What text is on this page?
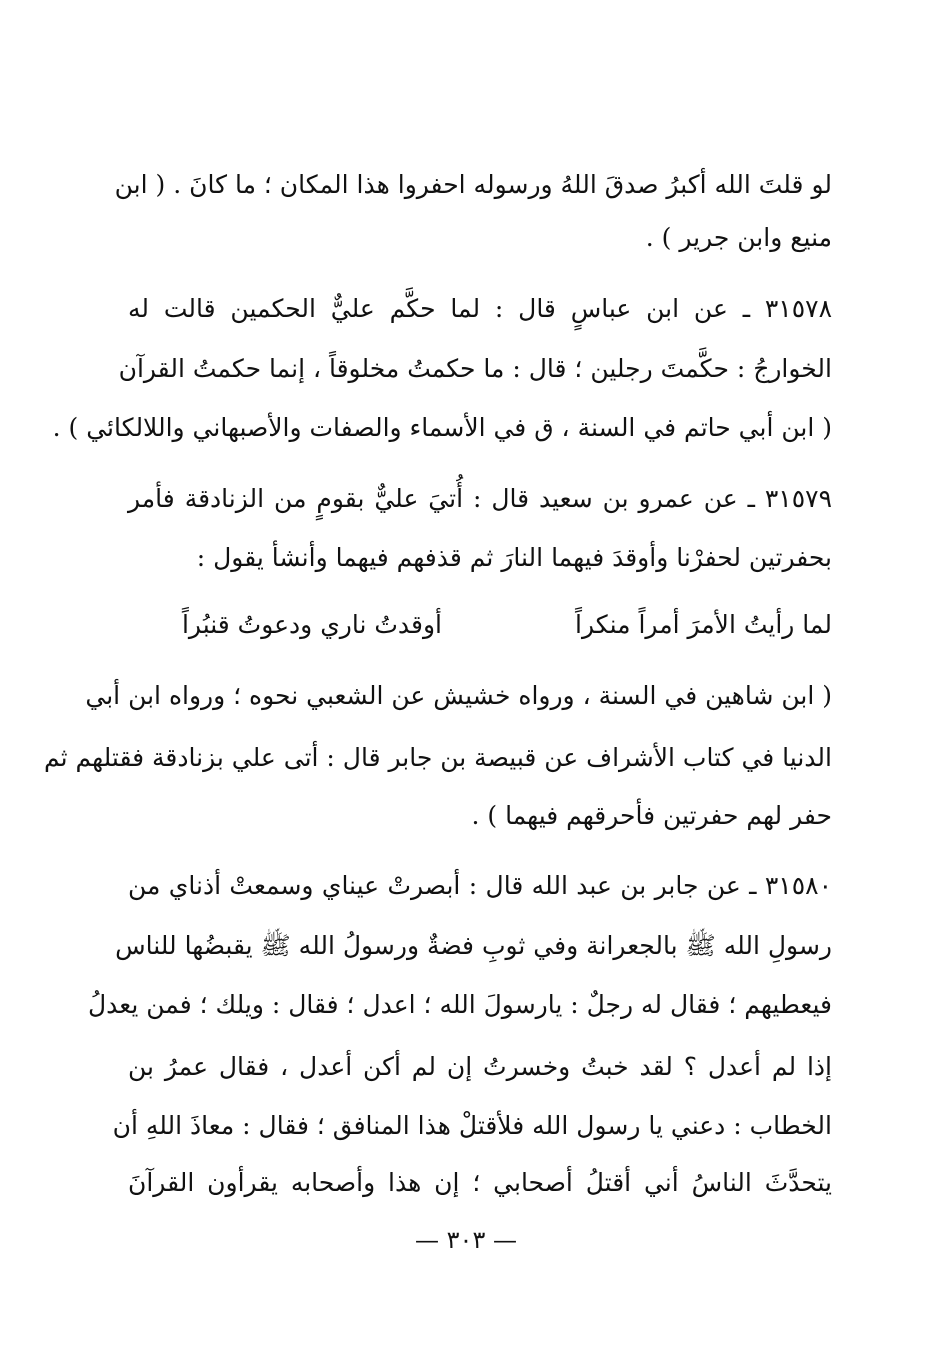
لو قلتَ الله أكبرُ صدقَ اللهُ ورسوله احفروا هذا المكان ؛ ما كانَ . ( ابن
منيع وابن جرير ) .
٣١٥٧٨ ـ عن ابن عباسٍ قال : لما حكَّم عليٌّ الحكمين قالت له
الخوارجُ : حكَّمتَ رجلين ؛ قال : ما حكمتُ مخلوقاً ، إنما حكمتُ القرآن
( ابن أبي حاتم في السنة ، ق في الأسماء والصفات والأصبهاني واللالكائي ) .
٣١٥٧٩ ـ عن عمرو بن سعيد قال : أُتيَ عليٌّ بقومٍ من الزنادقة فأمر
بحفرتين لحفرْنا وأوقدَ فيهما النارَ ثم قذفهم فيهما وأنشأ يقول :
لما رأيتُ الأمرَ أمراً منكراً
أوقدتُ ناري ودعوتُ قنبُراً
( ابن شاهين في السنة ، ورواه خشيش عن الشعبي نحوه ؛ ورواه ابن أبي
الدنيا في كتاب الأشراف عن قبيصة بن جابر قال : أتى علي بزنادقة فقتلهم ثم
حفر لهم حفرتين فأحرقهم فيهما ) .
٣١٥٨٠ ـ عن جابر بن عبد الله قال : أبصرتْ عيناي وسمعتْ أذناي من
رسولِ الله ﷺ بالجعرانة وفي ثوبِ فضةٌ ورسولُ الله ﷺ يقبضُها للناس
فيعطيهم ؛ فقال له رجلٌ : يارسولَ الله ؛ اعدل ؛ فقال : ويلك ؛ فمن يعدلُ
إذا لم أعدل ؟ لقد خبتُ وخسرتُ إن لم أكن أعدل ، فقال عمرُ بن
الخطاب : دعني يا رسول الله فلأقتلْ هذا المنافق ؛ فقال : معاذَ اللهِ أن
يتحدَّثَ الناسُ أني أقتلُ أصحابي ؛ إن هذا وأصحابه يقرأون القرآنَ
— ٣٠٣ —
